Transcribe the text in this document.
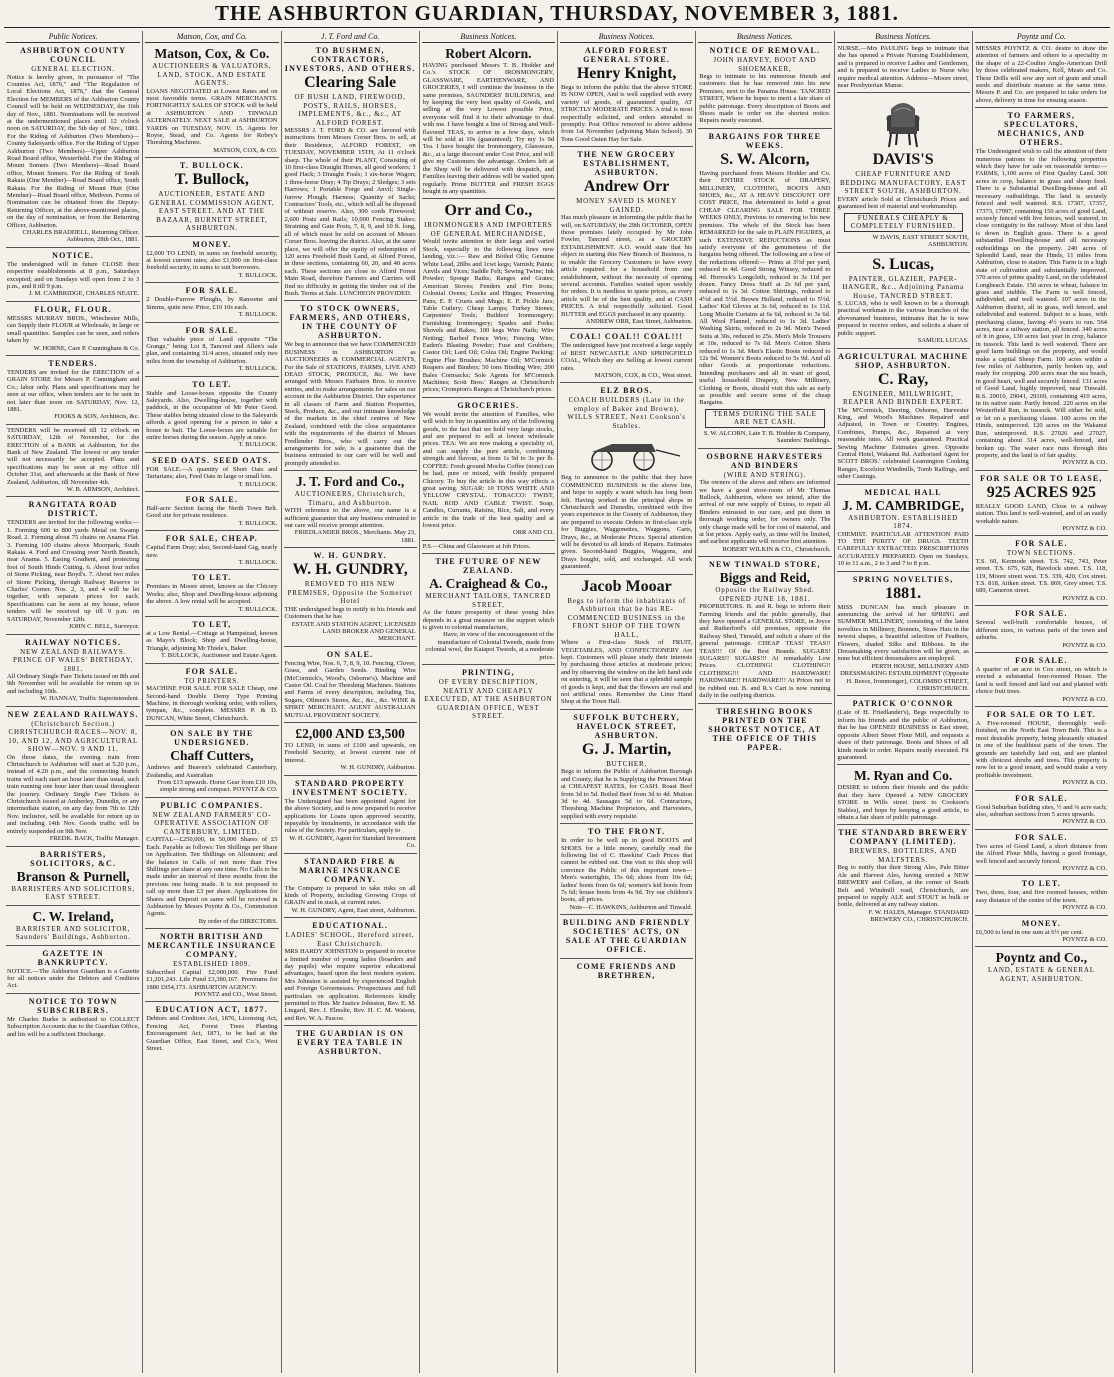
THE ASHBURTON GUARDIAN, THURSDAY, NOVEMBER 3, 1881.
Public Notices.
ASHBURTON COUNTY COUNCIL
GENERAL ELECTION.
Notice is hereby given, in pursuance of "The Counties Act, 1876," and "The Regulation of Local Elections Act, 1876," that the General Election for MEMBERS of the Ashburton County Council will be held on WEDNESDAY, the 16th day of Nov., 1881. Nominations will be received at the undermentioned places until 12 o'clock noon on SATURDAY, the 5th day of Nov., 1881. For the Riding of Ashburton (Two Members)—County Salesyards office. For the Riding of Upper Ashburton (Two Members)—Upper Ashburton Road Board office, Westerfield. For the Riding of Mount Somers (Two Members)—Road Board office, Mount Somers. For the Riding of South Rakaia (One Member)—Road Board office, South Rakaia. For the Riding of Mount Hutt (One Member)—Road Board office, Methven. Forms of Nomination can be obtained from the Deputy-Returning Officer, at the above-mentioned places, on the day of nomination, or from the Returning Officer, Ashburton.
CHARLES BRADDELL, Returning Officer. Ashburton, 28th Oct., 1881.
NOTICE.
The undersigned will in future CLOSE their respective establishments at 8 p.m., Saturdays excepted; and on Sundays will open from 2 to 3 p.m., and 8 till 9 p.m.
J. M. CAMBRIDGE, CHARLES NEATE.
FLOUR, FLOUR.
MESSRS MURRAY BROS., Winchester Mills, can Supply their FLOUR at Wholesale, in large or small quantities. Samples can be seen, and orders taken by
W. HORNE, Care P. Cunningham & Co.
TENDERS.
TENDERS are invited for the ERECTION of a GRAIN STORE for Messrs P. Cunningham and Co.; labor only. Plans and specifications may be seen at our office, when tenders are to be sent in not later than noon on SATURDAY, Nov. 12, 1881.
FOOKS & SON, Architects, &c.
TENDERS will be received till 12 o'clock on SATURDAY, 12th of November, for the ERECTION of a BANK at Ashburton, for the Bank of New Zealand. The lowest or any tender will not necessarily be accepted. Plans and specifications may be seen at my office till October 31st, and afterwards at the Bank of New Zealand, Ashburton, till November 4th.
W. B. ARMSON, Architect.
RANGITATA ROAD DISTRICT.
TENDERS are invited for the following works:— 1. Forming 600 to 800 yards Metal on Swamp Road. 2. Forming about 75 chains on Anama Flat. 3. Forming 100 chains above Moorpark, South Rakaia. 4. Ford and Crossing over North Branch, near Anama. 5. Easing Gradient, and protecting foot of South Hinds Cutting. 6. About four miles of Stone Picking, near Boyd's. 7. About two miles of Stone Picking, through Railway Reserve to Charles' Corner. Nos. 2, 3, and 4 will be let together, with separate prices for each. Specifications can be seen at my house, where tenders will be received up till 9 p.m. on SATURDAY, November 12th.
JOHN C. BELL, Surveyor.
RAILWAY NOTICES.
NEW ZEALAND RAILWAYS. PRINCE OF WALES' BIRTHDAY, 1881.
All Ordinary Single Fare Tickets issued on 8th and 9th November will be available for return up to and including 10th.
W. HANNAY, Traffic Superintendent.
NEW ZEALAND RAILWAYS.
(Christchurch Section.) CHRISTCHURCH RACES—NOV. 8, 10, AND 12, AND AGRICULTURAL SHOW—NOV. 9 AND 11.
On those dates, the evening train from Christchurch to Ashburton will start at 5.20 p.m., instead of 4.20 p.m., and the connecting branch trains will each start an hour later than usual, such train running one hour later than usual throughout the journey. Ordinary Single Fare Tickets to Christchurch issued at Amberley, Dunedin, or any intermediate station, on any day from 7th to 12th Nov. inclusive, will be available for return up to and including 14th Nov. Goods traffic will be entirely suspended on 9th Nov.
FREDK. BACK, Traffic Manager.
BARRISTERS, SOLICITORS, &C.
Branson & Purnell,
BARRISTERS AND SOLICITORS, EAST STREET.
C. W. Ireland,
BARRISTER AND SOLICITOR, Saunders' Buildings, Ashburton.
GAZETTE IN BANKRUPTCY.
NOTICE.—The Ashburton Guardian is a Gazette for all notices under the Debtors and Creditors Act.
NOTICE TO TOWN SUBSCRIBERS.
Mr Charles Burke is authorised to COLLECT Subscription Accounts due to the Guardian Office, and his will be a sufficient Discharge.
Matson, Cox, and Co.
Matson, Cox, & Co.
AUCTIONEERS & VALUATORS, LAND, STOCK, AND ESTATE AGENTS.
LOANS NEGOTIATED at Lowest Rates and on most favorable terms. GRAIN MERCHANTS. FORTNIGHTLY SALES OF STOCK will be held at ASHBURTON AND TINWALD ALTERNATELY. NEXT SALE at ASHBURTON YARDS on TUESDAY, NOV. 15. Agents for Royse, Stead, and Co. Agents for Robey's Threshing Machines.
MATSON, COX, & CO.
T. BULLOCK.
T. Bullock,
AUCTIONEER, ESTATE AND GENERAL COMMISSION AGENT, EAST STREET, AND AT THE BAZAAR, BURNETT STREET, ASHBURTON.
MONEY.
£2,000 TO LEND, in sums on freehold security, at lowest current rates; also £1,000 on first-class freehold security, in sums to suit borrowers.
T. BULLOCK.
FOR SALE.
2 Double-Furrow Ploughs, by Ransome and Simms, quite new. Price, £10 10s each.
T. BULLOCK.
FOR SALE.
That valuable piece of Land opposite "The Grange," being Lot 8, Tancred and Allen's sale plan, and containing 31/4 acres, situated only two miles from the township of Ashburton.
T. BULLOCK.
TO LET.
Stable and Loose-boxes opposite the County Saleyards. Also, Dwelling-house, together with paddock, in the occupation of Mr Peter Good. These stables being situated close to the Saleyards affords a good opening for a person to take a house to bait. The Loose-boxes are suitable for entire horses during the season. Apply at once.
T. BULLOCK.
SEED OATS. SEED OATS.
FOR SALE.—A quantity of Short Oats and Tartarians; also, Feed Oats in large or small lots.
T. BULLOCK.
FOR SALE.
Half-acre Section facing the North Town Belt. Good site for private residence.
T. BULLOCK.
FOR SALE, CHEAP.
Capital Farm Dray; also, Second-hand Gig, nearly new.
T. BULLOCK.
TO LET.
Premises in Moore street, known as the Chicory Works; also, Shop and Dwelling-house adjoining the above. A low rental will be accepted.
T. BULLOCK.
TO LET,
at a Low Rental.—Cottage at Hampstead, known as Mayo's Block; Shop and Dwelling-house, Triangle, adjoining Mr Thiele's, Baker.
T. BULLOCK, Auctioneer and Estate Agent.
FOR SALE.
TO PRINTERS.
MACHINE FOR SALE. FOR SALE Cheap, one Second-hand Double Demy Type Printing Machine, in thorough working order, with rollers, tympan, &c., complete. MESSRS P. & D. DUNCAN, White Street, Christchurch.
ON SALE BY THE UNDERSIGNED.
Chaff Cutters,
Andrews and Beaven's celebrated Canterbury, Zealandia, and Australian
From £13 upwards. Horse Gear from £10 10s, simple strong and compact. POYNTZ & CO.
PUBLIC COMPANIES.
NEW ZEALAND FARMERS' CO-OPERATIVE ASSOCIATION OF CANTERBURY, LIMITED.
CAPITAL—£250,000, in 50,000 Shares of £5 Each. Payable as follows: Ten Shillings per Share on Application. Ten Shillings on Allotment; and the balance in Calls of not more than Five Shillings per share at any one time. No Calls to be made under an interval of three months from the previous one being made. It is not proposed to call up more than £3 per share. Applications for Shares and Deposit on same will be received in Ashburton by Messrs Poyntz & Co., Commission Agents.
By order of the DIRECTORS.
NORTH BRITISH AND MERCANTILE INSURANCE COMPANY.
ESTABLISHED 1809.
Subscribed Capital £2,000,000. Fire Fund £1,201,243. Life Fund £3,380,167. Premiums for 1880 £954,173. ASHBURTON AGENCY:
POYNTZ and CO., West Street.
EDUCATION ACT, 1877.
Debtors and Creditors Act, 1876, Licensing Act, Fencing Act, Forest Trees Planting Encouragement Act, 1871, to be had at the Guardian Office, East Street, and Co.'s, West Street.
J. T. Ford and Co.
TO BUSHMEN, CONTRACTORS, INVESTORS, AND OTHERS.
Clearing Sale
OF BUSH LAND, FIREWOOD, POSTS, RAILS, HORSES, IMPLEMENTS, &c., &c., AT ALFORD FOREST.
MESSRS J. T. FORD & CO. are favored with instructions from Messrs Corser Bros. to sell, at their Residence, ALFORD FOREST, on TUESDAY, NOVEMBER 15TH, At 11 o'clock sharp. The whole of their PLANT, Consisting of 10 first-class Draught Horses, all good workers; 1 good Hack; 3 Draught Foals; 1 six-horse Wagon; 1 three-horse Dray; 4 Tip Drays; 2 Sledges; 3 sets Harrows; 1 Portable Forge and Anvil; Single-furrow Plough; Harness; Quantity of Sacks; Contractors' Tools, etc., which will all be disposed of without reserve. Also, 300 cords Firewood; 2,600 Posts and Rails; 10,000 Fencing Stakes; Straining and Gate Posts, 7, 8, 9, and 10 ft. long, all of which must be sold on account of Messrs Corser Bros. leaving the district. Also, at the same place, we will offer the equity of redemption of 120 acres Freehold Bush Land, at Alford Forest, in three sections, containing 60, 20, and 40 acres each. These sections are close to Alford Forest Main Road, therefore Farmers and Carriers will find no difficulty in getting the timber out of the Bush. Terms at Sale. LUNCHEON PROVIDED.
TO STOCK OWNERS, FARMERS, AND OTHERS, IN THE COUNTY OF ASHBURTON.
We beg to announce that we have COMMENCED BUSINESS in ASHBURTON as AUCTIONEERS & COMMERCIAL AGENTS, For the Sale of STATIONS, FARMS, LIVE AND DEAD STOCK, PRODUCE, &c. We have arranged with Messrs Fairbairn Bros. to receive entries, and to make arrangements for sales on our account in the Ashburton District. Our experience in all classes of Farm and Station Properties, Stock, Produce, &c., and our intimate knowledge of the markets in the chief centres of New Zealand, combined with the close acquaintance with the requirements of the district of Messrs Fredlender Bros., who will carry out the arrangements for sale, is a guarantee that the business entrusted to our care will be well and promptly attended to.
J. T. Ford and Co.,
AUCTIONEERS, Christchurch, Timaru, and Ashburton.
WITH reference to the above, our name is a sufficient guarantee that any business entrusted to our care will receive prompt attention.
FRIEDLANDER BROS., Merchants. May 23, 1881.
W. H. GUNDRY.
W. H. GUNDRY,
REMOVED TO HIS NEW PREMISES, Opposite the Somerset Hotel
THE undersigned begs to notify to his friends and Customers that he has
ESTATE AND STATION AGENT, LICENSED LAND BROKER AND GENERAL MERCHANT.
ON SALE.
Fencing Wire, Nos. 6, 7, 8, 9, 10. Fencing, Clover, Grass, and Garden Seeds. Binding Wire (McCormick's, Wood's, Osborne's). Machine and Castor Oil. Coal for Threshing Machines. Stations and Farms of every description, including Tea, Sugars, Oilmen's Stores, &c., &c., &c. WINE & SPIRIT MERCHANT. AGENT AUSTRALIAN MUTUAL PROVIDENT SOCIETY.
£2,000 AND £3,500
TO LEND, in sums of £100 and upwards, on Freehold Security, at lowest current rate of interest.
W. H. GUNDRY, Ashburton.
STANDARD PROPERTY INVESTMENT SOCIETY.
The Undersigned has been appointed Agent for the above Society, and is now prepared to receive applications for Loans upon approved security, repayable by instalments, in accordance with the rules of the Society. For particulars, apply to
W. H. GUNDRY, Agent for Standard Investment Co.
STANDARD FIRE & MARINE INSURANCE COMPANY.
The Company is prepared to take risks on all kinds of Property, including Growing Crops of GRAIN and in stack, at current rates.
W. H. GUNDRY, Agent, East street, Ashburton.
EDUCATIONAL.
LADIES' SCHOOL, Hereford street, East Christchurch.
MRS HARDY JOHNSTON is prepared to receive a limited number of young ladies (boarders and day pupils) who require superior educational advantages, based upon the best modern system. Mrs Johnston is assisted by experienced English and Foreign Governesses. Prospectuses and full particulars on application. References kindly permitted to Hon. Mr Justice Johnston, Rev. E. M. Lingard, Rev. J. Elmslie, Rev. H. C. M. Watson, and Rev. W. A. Pascoe.
THE GUARDIAN IS ON EVERY TEA TABLE IN ASHBURTON.
Business Notices.
Robert Alcorn.
HAVING purchased Messrs T. B. Hodder and Co.'s STOCK OF IRONMONGERY, GLASSWARE, EARTHENWARE, AND GROCERIES, I will continue the business in the same premises, SAUNDERS' BUILDINGS, and by keeping the very best quality of Goods, and selling at the very Lowest possible Price, everyone will find it to their advantage to deal with me. I have bought a line of Strong and Well-flavored TEAS, to arrive in a few days, which will be sold at 10s (guaranteed). Try my 1s 9d Tea. I have bought the Ironmongery, Glassware, &c., at a large discount under Cost Price, and will give my Customers the advantage. Orders left at the Shop will be delivered with despatch, and Families leaving their address will be waited upon regularly. Prime BUTTER and FRESH EGGS bought in any quantities.
Orr and Co.,
IRONMONGERS AND IMPORTERS OF GENERAL MERCHANDISE,
Would invite attention to their large and varied Stock, especially to the following lines now landing, viz.:— Raw and Boiled Oils; Genuine White Lead, 28lbs and 1cwt kegs; Varnish; Paints; Anvils and Vices; Saddle Felt; Sewing Twine; Ink Powder; Sponge Baths; Ranges and Grates; American Stoves; Fenders and Fire Irons; Colonial Ovens; Locks and Hinges; Preserving Pans; E. P. Cruets and Mugs; E. P. Pickle Jars; Table Cutlery; Cheap Lamps; Turkey Stones; Carpenters' Tools; Builders' Ironmongery; Furnishing Ironmongery; Spades and Forks; Shovels and Rakes; 100 kegs Wire Nails; Wire Netting; Barbed Fence Wire; Fencing Wire; Eaden's Blasting Powder; Fuse and Grubbers; Castor Oil; Lard Oil; Colza Oil; Engine Packing; Engine Flue Brushes; Machine Oil; M'Cormick Reapers and Binders; 50 tons Binding Wire; 200 Bales Cornsacks; Sole Agents for M'Cormick Machines; Scott Bros.' Ranges at Christchurch prices; Crompton's Ranges at Christchurch prices.
GROCERIES.
We would invite the attention of Families, who will wish to buy in quantities any of the following goods, to the fact that we hold very large stocks, and are prepared to sell at lowest wholesale prices. TEA: We are now making a speciality of, and can supply the pure article, combining strength and flavour, at from 1s 9d to 3s per lb. COFFEE: Fresh ground Mocha Coffee (none) can be had, pure or mixed, with freshly prepared Chicory. To buy the article in this way effects a great saving. SUGAR: 10 TONS WHITE AND YELLOW CRYSTAL. TOBACCO: TWIST, NAIL ROD AND CABLE TWIST. Soap, Candles, Currants, Raisins, Rice, Salt, and every article in the trade of the best quality and at lowest price.
ORR AND CO.
P.S.—China and Glassware at Job Prices.
THE FUTURE OF NEW ZEALAND.
A. Craighead & Co.,
MERCHANT TAILORS, TANCRED STREET,
As the future prosperity of these young Isles depends in a great measure on the support which is given to colonial manufacture,
Have, in view of the encouragement of the manufacture of Colonial Tweeds, made from colonial wool, the Kaiapoi Tweeds, at a moderate price.
PRINTING,
OF EVERY DESCRIPTION, NEATLY AND CHEAPLY EXECUTED, AT THE ASHBURTON GUARDIAN OFFICE, WEST STREET.
Business Notices.
ALFORD FOREST GENERAL STORE.
Henry Knight,
Begs to inform the public that the above STORE IS NOW OPEN, And is well supplied with every variety of goods, of guaranteed quality, AT STRICTLY MODERATE PRICES. A trial is most respectfully solicited, and orders attended to promptly. Post Office removed to above address from 1st November (adjoining Main School). 30 Tons Good Oaten Hay for Sale.
THE NEW GROCERY ESTABLISHMENT, ASHBURTON.
Andrew Orr
MONEY SAVED IS MONEY GAINED.
Has much pleasure in informing the public that he will, on SATURDAY, the 29th OCTOBER, OPEN those premises lately occupied by Mr John Fowler, Tancred street, as a GROCERY ESTABLISHMENT. A.O. would state that his object in starting this New Branch of Business, is to enable the Grocery Customers to have every article required for a household from one establishment, without the necessity of opening several accounts. Families waited upon weekly for orders. It is needless to quote prices, as every article will be of the best quality, and at CASH PRICES. A trial respectfully solicited. Good BUTTER and EGGS purchased in any quantity.
ANDREW ORR, East Street, Ashburton.
COAL! COAL!! COAL!!!
The undersigned have just received a large supply of BEST NEWCASTLE AND SPRINGFIELD COAL, Which they are Selling at lowest current rates.
MATSON, COX, & CO., West street.
ELZ BROS.
COACH BUILDERS (Late in the employ of Baker and Brown), WILLS STREET, Next Cookson's Stables.
Beg to announce to the public that they have COMMENCED BUSINESS in the above line, and hope to supply a want which has long been felt. Having worked in the principal shops in Christchurch and Dunedin, combined with five years experience in the County of Ashburton, they are prepared to execute Orders in first-class style for Buggies, Waggonettes, Waggons, Carts, Drays, &c., at Moderate Prices. Special attention will be devoted to all kinds of Repairs. Estimates given. Second-hand Buggies, Waggons, and Drays bought, sold, and exchanged. All work guaranteed.
Jacob Mooar
Begs to inform the inhabitants of Ashburton that he has RE-COMMENCED BUSINESS in the FRONT SHOP OF THE TOWN HALL,
Where a First-class Stock of FRUIT, VEGETABLES, AND CONFECTIONERY Are kept. Customers will please study their interests by purchasing those articles at moderate prices; and by observing the window on the left hand side on entering, it will be seen that a splendid sample of goods is kept, and that the flowers are real and not artificial ones. Remember the Lime Hand Shop at the Town Hall.
SUFFOLK BUTCHERY, HAVELOCK STREET, ASHBURTON.
G. J. Martin,
BUTCHER,
Begs to inform the Public of Ashburton Borough and County, that he is Supplying the Primest Meat at CHEAPEST RATES, for CASH. Roast Beef from 3d to 5d. Boiled Beef from 3d to 4d. Mutton 3d to 4d. Sausages 5d to 6d. Contractors, Threshing Machine Proprietors, and Harvesters, supplied with every requisite.
TO THE FRONT.
In order to be well up in good BOOTS and SHOES for a little money, carefully read the following list of C. Hawkins' Cash Prices that cannot be rubbed out. One visit to this shop will convince the Public of this important town—Men's watertights, 15s 6d; shoes from 10s 6d; ladies' boots from 6s 6d; women's kid boots from 7s 6d; house boots from 4s 9d. Try our children's boots, all prices.
Note—C. HAWKINS, Ashburton and Tinwald.
BUILDING AND FRIENDLY SOCIETIES' ACTS, ON SALE AT THE GUARDIAN OFFICE.
COME FRIENDS AND BRETHREN,
Business Notices.
NOTICE OF REMOVAL.
JOHN HARVEY, BOOT AND SHOEMAKER,
Begs to intimate to his numerous friends and customers that he has removed into his new Premises, next to the Panama House. TANCRED STREET, Where he hopes to merit a fair share of public patronage. Every description of Boots and Shoes made to order on the shortest notice. Repairs neatly executed.
BARGAINS FOR THREE WEEKS.
S. W. Alcorn,
Having purchased from Messrs Hodder and Co. their ENTIRE STOCK of DRAPERY, MILLINERY, CLOTHING, BOOTS AND SHOES, &c., AT A HEAVY DISCOUNT OFF COST PRICE, Has determined to hold a great CHEAP CLEARING SALE FOR THREE WEEKS ONLY, Previous to removing to his new premises. The whole of the Stock has been REMARKED for the sale in PLAIN FIGURES, at such EXTENSIVE REDUCTIONS as must satisfy everyone of the genuineness of the bargains being offered. The following are a few of the reductions offered:— Prints at 3½d per yard, reduced to 4d. Good Strong Winsey, reduced to 4d. Horrock's Longcloth, reduced to 3s 11d per dozen. Fancy Dress Stuff at 2s 6d per yard, reduced to 1s 3d. Cotton Shirtings, reduced to 4½d and 5½d. Brown Holland, reduced to 5½d. Ladies' Kid Gloves at 3s 6d, reduced to 1s 11d. Long Muslin Curtains at 6s 6d, reduced to 3s 6d. All Wool Flannel, reduced to 1s 3d. Ladies' Washing Skirts, reduced to 2s 9d. Men's Tweed Suits at 30s, reduced to 25s. Men's Mole Trousers at 10s, reduced to 7s 6d. Men's Cotton Shirts reduced to 1s 3d. Men's Elastic Boots reduced to 12s 9d. Women's Boots reduced to 5s 9d. And all other Goods at proportionate reductions. Intending purchasers and all in want of good, useful household Drapery, New Millinery, Clothing or Boots, should visit this sale as early as possible and secure some of the cheap Bargains.
TERMS DURING THE SALE ARE NET CASH.
S. W. ALCORN, Late T. B. Hodder & Company, Saunders' Buildings.
OSBORNE HARVESTERS AND BINDERS
(WIRE AND STRING).
The owners of the above and others are informed we have a good store-room of Mr Thomas Bullock, Ashburton, where we intend, after the arrival of our new supply of Extras, to repair all Binders entrusted to our care, and put them in thorough working order, for owners only. The only charge made will be for cost of material, and at list prices. Apply early, as time will be limited, and earliest applicants will receive first attention.
ROBERT WILKIN & CO., Christchurch.
NEW TINWALD STORE,
Biggs and Reid,
Opposite the Railway Shed. OPENED JUNE 18, 1881.
PROPRIETORS. B. and R. begs to inform their Farming friends and the public generally, that they have opened a GENERAL STORE, in Joyce and Rutherford's old premises, opposite the Railway Shed, Tinwald, and solicit a share of the general patronage. CHEAP TEAS! TEAS!! TEAS!!! Of the Best Brands. SUGARS! SUGARS!! SUGARS!!! At remarkably Low Prices. CLOTHING! CLOTHING!! CLOTHING!!! AND HARDWARE! HARDWARE!! HARDWARE!!! At Prices not to be rubbed out. B. and R.'s Cart is now running daily in the outlying districts.
THRESHING BOOKS PRINTED ON THE SHORTEST NOTICE, AT THE OFFICE OF THIS PAPER.
Business Notices.
NURSE.—Mrs PAULING begs to intimate that she has opened a Private Nursing Establishment, and is prepared to receive Ladies and Gentlemen, and is prepared to receive Ladies to Nurse who require medical attention. Address—Moore street, near Presbyterian Manse.
DAVIS'S
CHEAP FURNITURE AND BEDDING MANUFACTORY, EAST STREET SOUTH, ASHBURTON.
EVERY article Sold at Christchurch Prices and guaranteed best of material and workmanship.
FUNERALS CHEAPLY & COMPLETELY FURNISHED.
W DAVIS, EAST STREET SOUTH, ASHBURTON.
S. Lucas,
PAINTER, GLAZIER, PAPER-HANGER, &c., Adjoining Panama House, TANCRED STREET.
S. LUCAS, who is well known to be a thorough practical workman in the various branches of the abovenamed business, intimates that he is now prepared to receive orders, and solicits a share of public support.
SAMUEL LUCAS.
AGRICULTURAL MACHINE SHOP, ASHBURTON.
C. Ray,
ENGINEER, MILLWRIGHT, REAPER AND BINDER EXPERT.
The M'Cormick, Deering, Osborne, Harvester King, and Wood's Machines Repaired and Adjusted, in Town or Country. Engines, Combines, Pumps, &c., Repaired at very reasonable rates. All work guaranteed. Practical Sewing Machine Estimates given. Opposite Central Hotel, Wakanui Rd. Authorised Agent for SCOTT BROS.' celebrated Leamington Cooking Ranges, Excelsior Windmills, Tomb Railings, and other Castings.
MEDICAL HALL
J. M. CAMBRIDGE,
ASHBURTON. ESTABLISHED 1874.
CHEMIST. PARTICULAR ATTENTION PAID TO THE PURITY OF DRUGS. TEETH CAREFULLY EXTRACTED. PRESCRIPTIONS ACCURATELY PREPARED. Open on Sundays, 10 to 11 a.m., 2 to 3 and 7 to 8 p.m.
SPRING NOVELTIES,
1881.
MISS DUNCAN has much pleasure in announcing the arrival of her SPRING and SUMMER MILLINERY, consisting of the latest novelties in Millinery, Bonnets, Straw Hats in the newest shapes, a beautiful selection of Feathers, Flowers, shaded Silks and Ribbons. In the Dressmaking every satisfaction will be given, as none but efficient dressmakers are employed.
PERTH HOUSE, MILLINERY AND DRESSMAKING ESTABLISHMENT (Opposite H. Reece, Ironmonger), COLOMBO STREET, CHRISTCHURCH.
PATRICK O'CONNOR
(Late of H. Friedlander's), Begs respectfully to inform his friends and the public of Ashburton, that he has OPENED BUSINESS in East street, opposite Albert Street Flour Mill, and requests a share of their patronage. Boots and Shoes of all kinds made to order. Repairs neatly executed. Fit guaranteed.
M. Ryan and Co.
DESIRE to inform their friends and the public that they have Opened a NEW GROCERY STORE in Wills street (next to Cookson's Stables), and hope by keeping a good article, to obtain a fair share of public patronage.
THE STANDARD BREWERY COMPANY (LIMITED).
BREWERS, BOTTLERS, AND MALTSTERS.
Beg to notify that their Strong Ales, Pale Bitter Ale and Harvest Ales, having erected a NEW BREWERY and Cellars, at the corner of South Belt and Windmill road, Christchurch, are prepared to supply ALE and STOUT in bulk or bottle, delivered at any railway station.
F. W. HALES, Manager. STANDARD BREWERY CO., CHRISTCHURCH.
Poyntz and Co.
MESSRS POYNTZ & CO. desire to draw the attention of farmers and others to a speciality in the shape of a 22-Coulter Anglo-American Drill by those celebrated makers, Kell, Meats and Co. These Drills will sow any sort of grain and small seeds and distribute manure at the same time. Messrs P. and Co. are prepared to take orders for above, delivery in time for ensuing season.
TO FARMERS, SPECULATORS, MECHANICS, AND OTHERS.
The Undersigned wish to call the attention of their numerous patrons to the following properties which they have for sale on reasonable terms:— FARMS, 1,100 acres of First Quality Land. 300 acres in crop, balance in grass and sheep feed. There is a Substantial Dwelling-house and all necessary outbuildings. The land is securely fenced and well watered. R.S. 17307, 17357, 17373, 17997, containing 150 acres of good Land, securely fenced with live fences, well watered, in close contiguity to the railway. Most of this land is down in English grass. There is a good substantial Dwelling-house and all necessary outbuildings on the property. 240 acres of Splendid Land, near the Hinds, 11 miles from Ashburton, close to station. This Farm is in a high state of cultivation and substantially improved. 370 acres of prime quality Land, on the celebrated Longbeach Estate. 150 acres in wheat, balance in grass and stubble. The Farm is well fenced, subdivided, and well watered. 107 acres in the Ashburton district, all in grass, well fenced, and subdivided and watered. Subject to a lease, with purchasing clause, having 4½ years to run. 564 acres, near a railway station, all fenced. 340 acres of it in grass, 130 acres last year in crop, balance in tussock. This land is well watered. There are good farm buildings on the property, and would make a capital Sheep Farm. 100 acres within a few miles of Ashburton, partly broken up, and ready for cropping. 200 acres near the sea beach, in good heart, well and securely fenced. 131 acres of Good Land, highly improved, near Tinwald. R.S. 29010, 29041, 29169, containing 410 acres, in its native state. Partly fenced. 220 acres on the Westerfield Run, in tussock. Will either be sold, or let on a purchasing clause. 100 acres on the Hinds, unimproved. 120 acres on the Wakanui Run, unimproved. R.S. 27026 and 27027, containing about 314 acres, well-fenced, and broken up. The water race runs through this property, and the land is of fair quality.
POYNTZ & CO.
FOR SALE OR TO LEASE,
925 ACRES 925
REALLY GOOD LAND, Close to a railway station. This land is well-watered, and of an easily workable nature.
POYNTZ & CO.
FOR SALE.
TOWN SECTIONS.
T.S. 60, Kermode street. T.S. 742, 743, Peter street. T.S. 675, 628, Havelock street. T.S. 118, 119, Moore street west. T.S. 339, 420, Cox street. T.S. 818, Aitken street. T.S. 869, Grey street. T.S. 689, Cameron street.
POYNTZ & CO.
FOR SALE.
Several well-built comfortable houses, of different sizes, in various parts of the town and suburbs.
POYNTZ & CO.
FOR SALE.
A quarter of an acre in Cox street, on which is erected a substantial four-roomed House. The land is well fenced and laid out and planted with choice fruit trees.
POYNTZ & CO.
FOR SALE OR TO LET.
A Five-roomed HOUSE, thoroughly well-finished, on the North East Town Belt. This is a most desirable property, being pleasantly situated in one of the healthiest parts of the town. The grounds are tastefully laid out, and are planted with choicest shrubs and trees. This property is now let to a good tenant, and would make a very profitable investment.
POYNTZ & CO.
FOR SALE.
Good Suburban building sites, ½ and ¼ acre each; also, suburban sections from 5 acres upwards.
POYNTZ & CO.
FOR SALE.
Two acres of Good Land, a short distance from the Alford Flour Mills, having a good frontage, well fenced and securely fenced.
POYNTZ & CO.
TO LET.
Two, three, four, and five roomed houses, within easy distance of the centre of the town.
POYNTZ & CO.
MONEY.
£6,500 to lend in one sum at 6½ per cent.
POYNTZ & CO.
Poyntz and Co.,
LAND, ESTATE & GENERAL AGENT, ASHBURTON.
